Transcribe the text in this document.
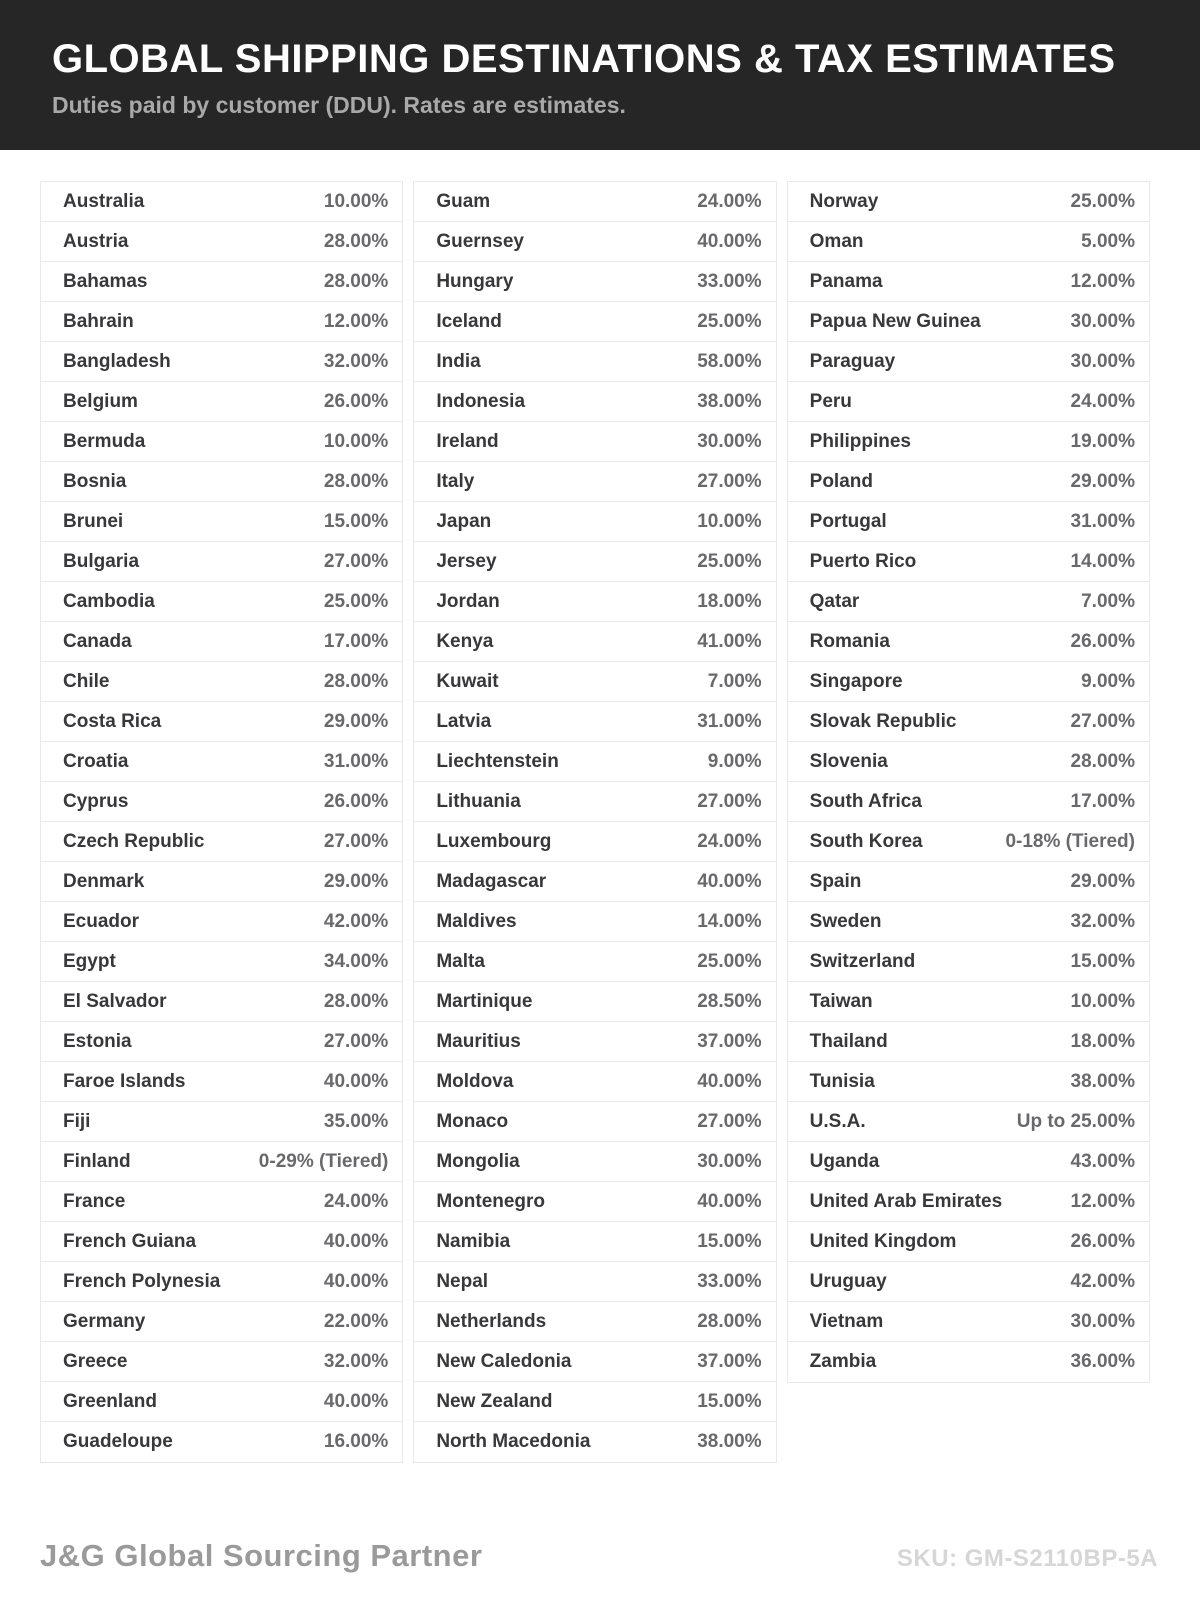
GLOBAL SHIPPING DESTINATIONS & TAX ESTIMATES

Duties paid by customer (DDU). Rates are estimates.

Australia	10.00%
Austria	28.00%
Bahamas	28.00%
Bahrain	12.00%
Bangladesh	32.00%
Belgium	26.00%
Bermuda	10.00%
Bosnia	28.00%
Brunei	15.00%
Bulgaria	27.00%
Cambodia	25.00%
Canada	17.00%
Chile	28.00%
Costa Rica	29.00%
Croatia	31.00%
Cyprus	26.00%
Czech Republic	27.00%
Denmark	29.00%
Ecuador	42.00%
Egypt	34.00%
El Salvador	28.00%
Estonia	27.00%
Faroe Islands	40.00%
Fiji	35.00%
Finland	0-29% (Tiered)
France	24.00%
French Guiana	40.00%
French Polynesia	40.00%
Germany	22.00%
Greece	32.00%
Greenland	40.00%
Guadeloupe	16.00%
Guam	24.00%
Guernsey	40.00%
Hungary	33.00%
Iceland	25.00%
India	58.00%
Indonesia	38.00%
Ireland	30.00%
Italy	27.00%
Japan	10.00%
Jersey	25.00%
Jordan	18.00%
Kenya	41.00%
Kuwait	7.00%
Latvia	31.00%
Liechtenstein	9.00%
Lithuania	27.00%
Luxembourg	24.00%
Madagascar	40.00%
Maldives	14.00%
Malta	25.00%
Martinique	28.50%
Mauritius	37.00%
Moldova	40.00%
Monaco	27.00%
Mongolia	30.00%
Montenegro	40.00%
Namibia	15.00%
Nepal	33.00%
Netherlands	28.00%
New Caledonia	37.00%
New Zealand	15.00%
North Macedonia	38.00%
Norway	25.00%
Oman	5.00%
Panama	12.00%
Papua New Guinea	30.00%
Paraguay	30.00%
Peru	24.00%
Philippines	19.00%
Poland	29.00%
Portugal	31.00%
Puerto Rico	14.00%
Qatar	7.00%
Romania	26.00%
Singapore	9.00%
Slovak Republic	27.00%
Slovenia	28.00%
South Africa	17.00%
South Korea	0-18% (Tiered)
Spain	29.00%
Sweden	32.00%
Switzerland	15.00%
Taiwan	10.00%
Thailand	18.00%
Tunisia	38.00%
U.S.A.	Up to 25.00%
Uganda	43.00%
United Arab Emirates	12.00%
United Kingdom	26.00%
Uruguay	42.00%
Vietnam	30.00%
Zambia	36.00%
J&G Global Sourcing Partner	SKU: GM-S2110BP-5A
